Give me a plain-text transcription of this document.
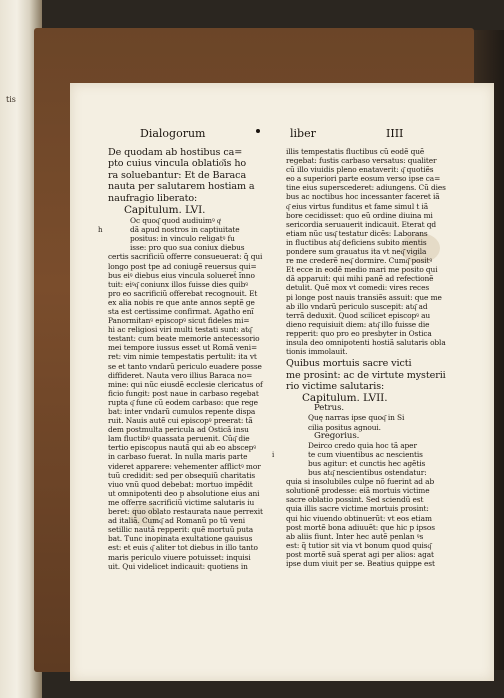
tis
Dialogorum	liber	IIII
De quodam ab hostibus ca=
pto cuius vincula oblatio͂is ho
ra soluebantur: Et de Baraca
nauta per salutarem hostiam a
naufragio liberato:
Capitulum. LVI.
h
Oc quoq͂ quod audiuimꝰ qͥ
dã apud nostros in captiuitate
positus: in vinculo religatꝰ fu
isse: pro quo sua coniux diebus
certis sacrificiũ offerre consueuerat: q̃ qui
longo post tpe ad coniugẽ reuersus qui=
bus eiꝰ diebus eius vincula solueret̃ ĩnno
tuit: eiꝰq͂ coniunx illos fuisse dies quibꝰ
pro eo sacrificiũ offerebat recognouit. Et
ex alia nobis re que ante annos septẽ ge
sta est certissime confirmat. Agatho enĩ
Panormitanꝰ episcopꝰ sicut fideles mi=
hi ac religiosi viri multi testati sunt: atq͂
testant: cum beate memorie antecessorio
mei tempore iussus esset ut Romã veni=
ret: vim nimie tempestatis pertulit: ita vt
se et tanto vndarũ periculo euadere posse
diffideret. Nauta vero illius Baraca no=
mine: qui nũc eiusdẽ ecclesie clericatus of
ficio fungit: post naue in carbaso regebat
rupta q͂ fune cũ eodem carbaso: que rege
bat: inter vndarũ cumulos repente dispa
ruit. Nauis autẽ cui episcopꝰ preerat: tã
dem postmulta pericula ad Osticã insu
lam fluctibꝰ quassata peruenit. Cũq͂ die
tertio episcopus nautã qui ab eo abscepꝰ
in carbaso fuerat. In nulla maris parte
videret apparere: vehementer afflictꝰ mor
tuũ credidit: sed per obsequiũ charitatis
viuo vnũ quod debebat: mortuo impẽdit
ut omnipotenti deo p absolutione eius ani
me offerre sacrificiũ victime salutaris iu
beret: quo oblato restaurata naue perrexit
ad italiã. Cumq͂ ad Romanũ po tũ veni
setillic nautã repperit: quẽ mortuũ puta
bat. Tunc inopinata exultatione gauisus
est: et euis q͂ aliter tot diebus in illo tanto
maris periculo viuere potuisset: inquisi
uit. Qui videlicet indicauit: quotiens in
illis tempestatis fluctibus cũ eodẽ quẽ
regebat: fustis carbaso versatus: qualiter
cũ illo viuidis pleno enataverit: q͂ quotiẽs
eo a superiori parte eosum verso ipse ca=
tine eius superscederet: adiungens. Cũ dies
bus ac noctibus hoc incessanter faceret iã
q͂ eius virtus funditus et fame simul t iã
bore cecidisset: quo eũ ordine diuina mi
sericordia seruauerit indicauit. Eterat qd
etiam nũc usq͂ testatur dicẽs: Laborans
in fluctibus atq͂ deficiens subito mentis
pondere sum grauatus ita vt neq͂ vigila
re me crederẽ neq͂ dormire. Cumq͂ positꝰ
Et ecce in eodẽ medio mari me posito qui
dã apparuit: qui mihi panẽ ad refectionẽ
detulit. Quẽ mox vt comedi: vires reces
pi longe post nauis transiẽs assuit: que me
ab illo vndarũ periculo suscepit: atq͂ ad
terrã deduxit. Quod scilicet episcopꝰ au
dieno requisiuit diem: atq͂ illo fuisse die
repperit: quo pro eo presbyter in Ostica
insula deo omnipotenti hostiã salutaris obla
tionis immolauit.
Quibus mortuis sacre victi
me prosint: ac de virtute mysterii
rio victime salutaris:
Capitulum. LVII.
Petrus.
Quę narras ipse quoq͂ in Si
cilia positus agnoui.
Gregorius.
i
Deirco credo quia hoc tã aper
te cum viuentibus ac nescientis
bus agitur: et cunctis hec agẽtis
bus atq͂ nescientibus ostendatur:
quia si insolubiles culpe nõ fuerint ad ab
solutionẽ prodesse: eiã mortuis victime
sacre oblatio possint. Sed sciendũ est
quia illis sacre victime mortuis prosint:
qui hic viuendo obtinuerũt: vt eos etiam
post mortẽ bona adiuuẽt: que hic p ipsos
ab aliis fiunt. Inter hec autẽ penlan ꝰs
est: q̃ tutior sit via vt bonum quod quisq͂
post mortẽ suã sperat agi per alios: agat
ipse dum viuit per se. Beatius quippe est
